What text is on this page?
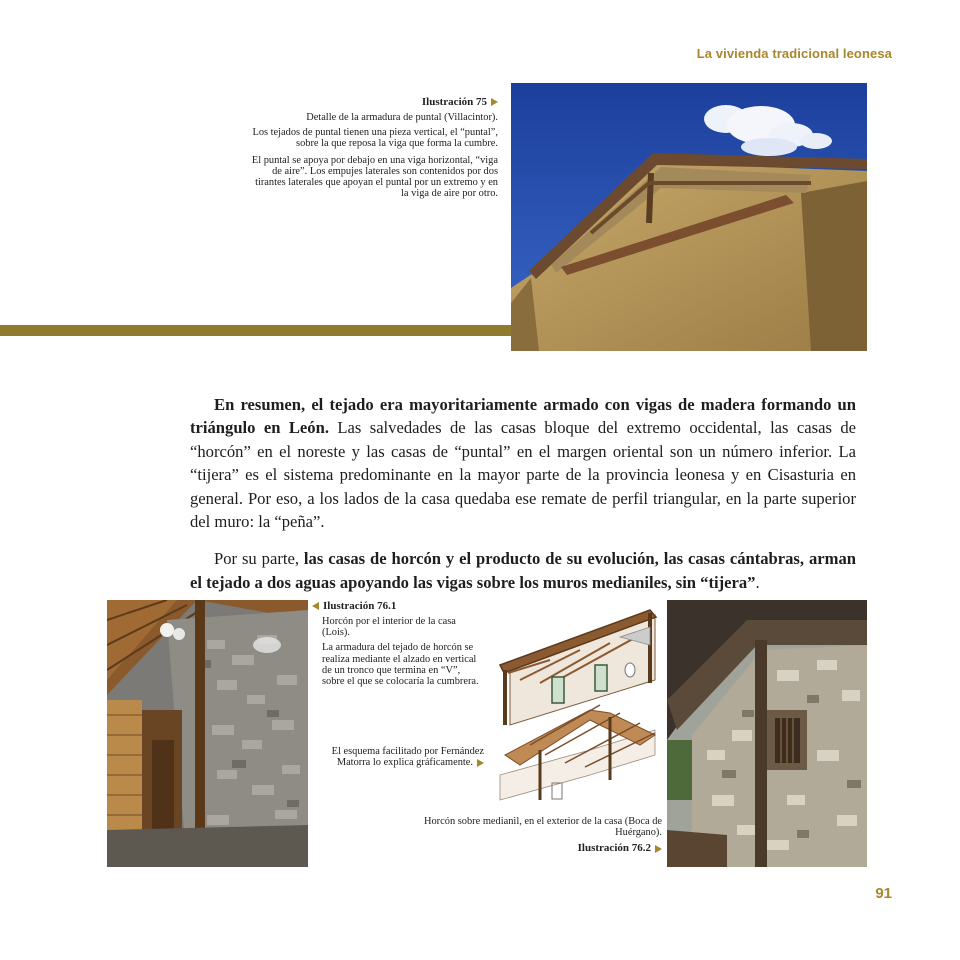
La vivienda tradicional leonesa
Ilustración 75
Detalle de la armadura de puntal (Villacintor).
Los tejados de puntal tienen una pieza vertical, el “puntal”, sobre la que reposa la viga que forma la cumbre.
El puntal se apoya por debajo en una viga horizontal, “viga de aire”. Los empujes laterales son contenidos por dos tirantes laterales que apoyan el puntal por un extremo y en la viga de aire por otro.

En resumen, el tejado era mayoritariamente armado con vigas de madera formando un triángulo en León. Las salvedades de las casas bloque del extremo occidental, las casas de “horcón” en el noreste y las casas de “puntal” en el margen oriental son un número inferior. La “tijera” es el sistema predominante en la mayor parte de la provincia leonesa y en Cisasturia en general. Por eso, a los lados de la casa quedaba ese remate de perfil triangular, en la parte superior del muro: la “peña”.

Por su parte, las casas de horcón y el producto de su evolución, las casas cántabras, arman el tejado a dos aguas apoyando las vigas sobre los muros medianiles, sin “tijera”.

Ilustración 76.1
Horcón por el interior de la casa (Lois).
La armadura del tejado de horcón se realiza mediante el alzado en vertical de un tronco que termina en “V”, sobre el que se colocaría la cumbrera.
El esquema facilitado por Fernández Matorra lo explica gráficamente.
Horcón sobre medianil, en el exterior de la casa (Boca de Huérgano).
Ilustración 76.2
91
